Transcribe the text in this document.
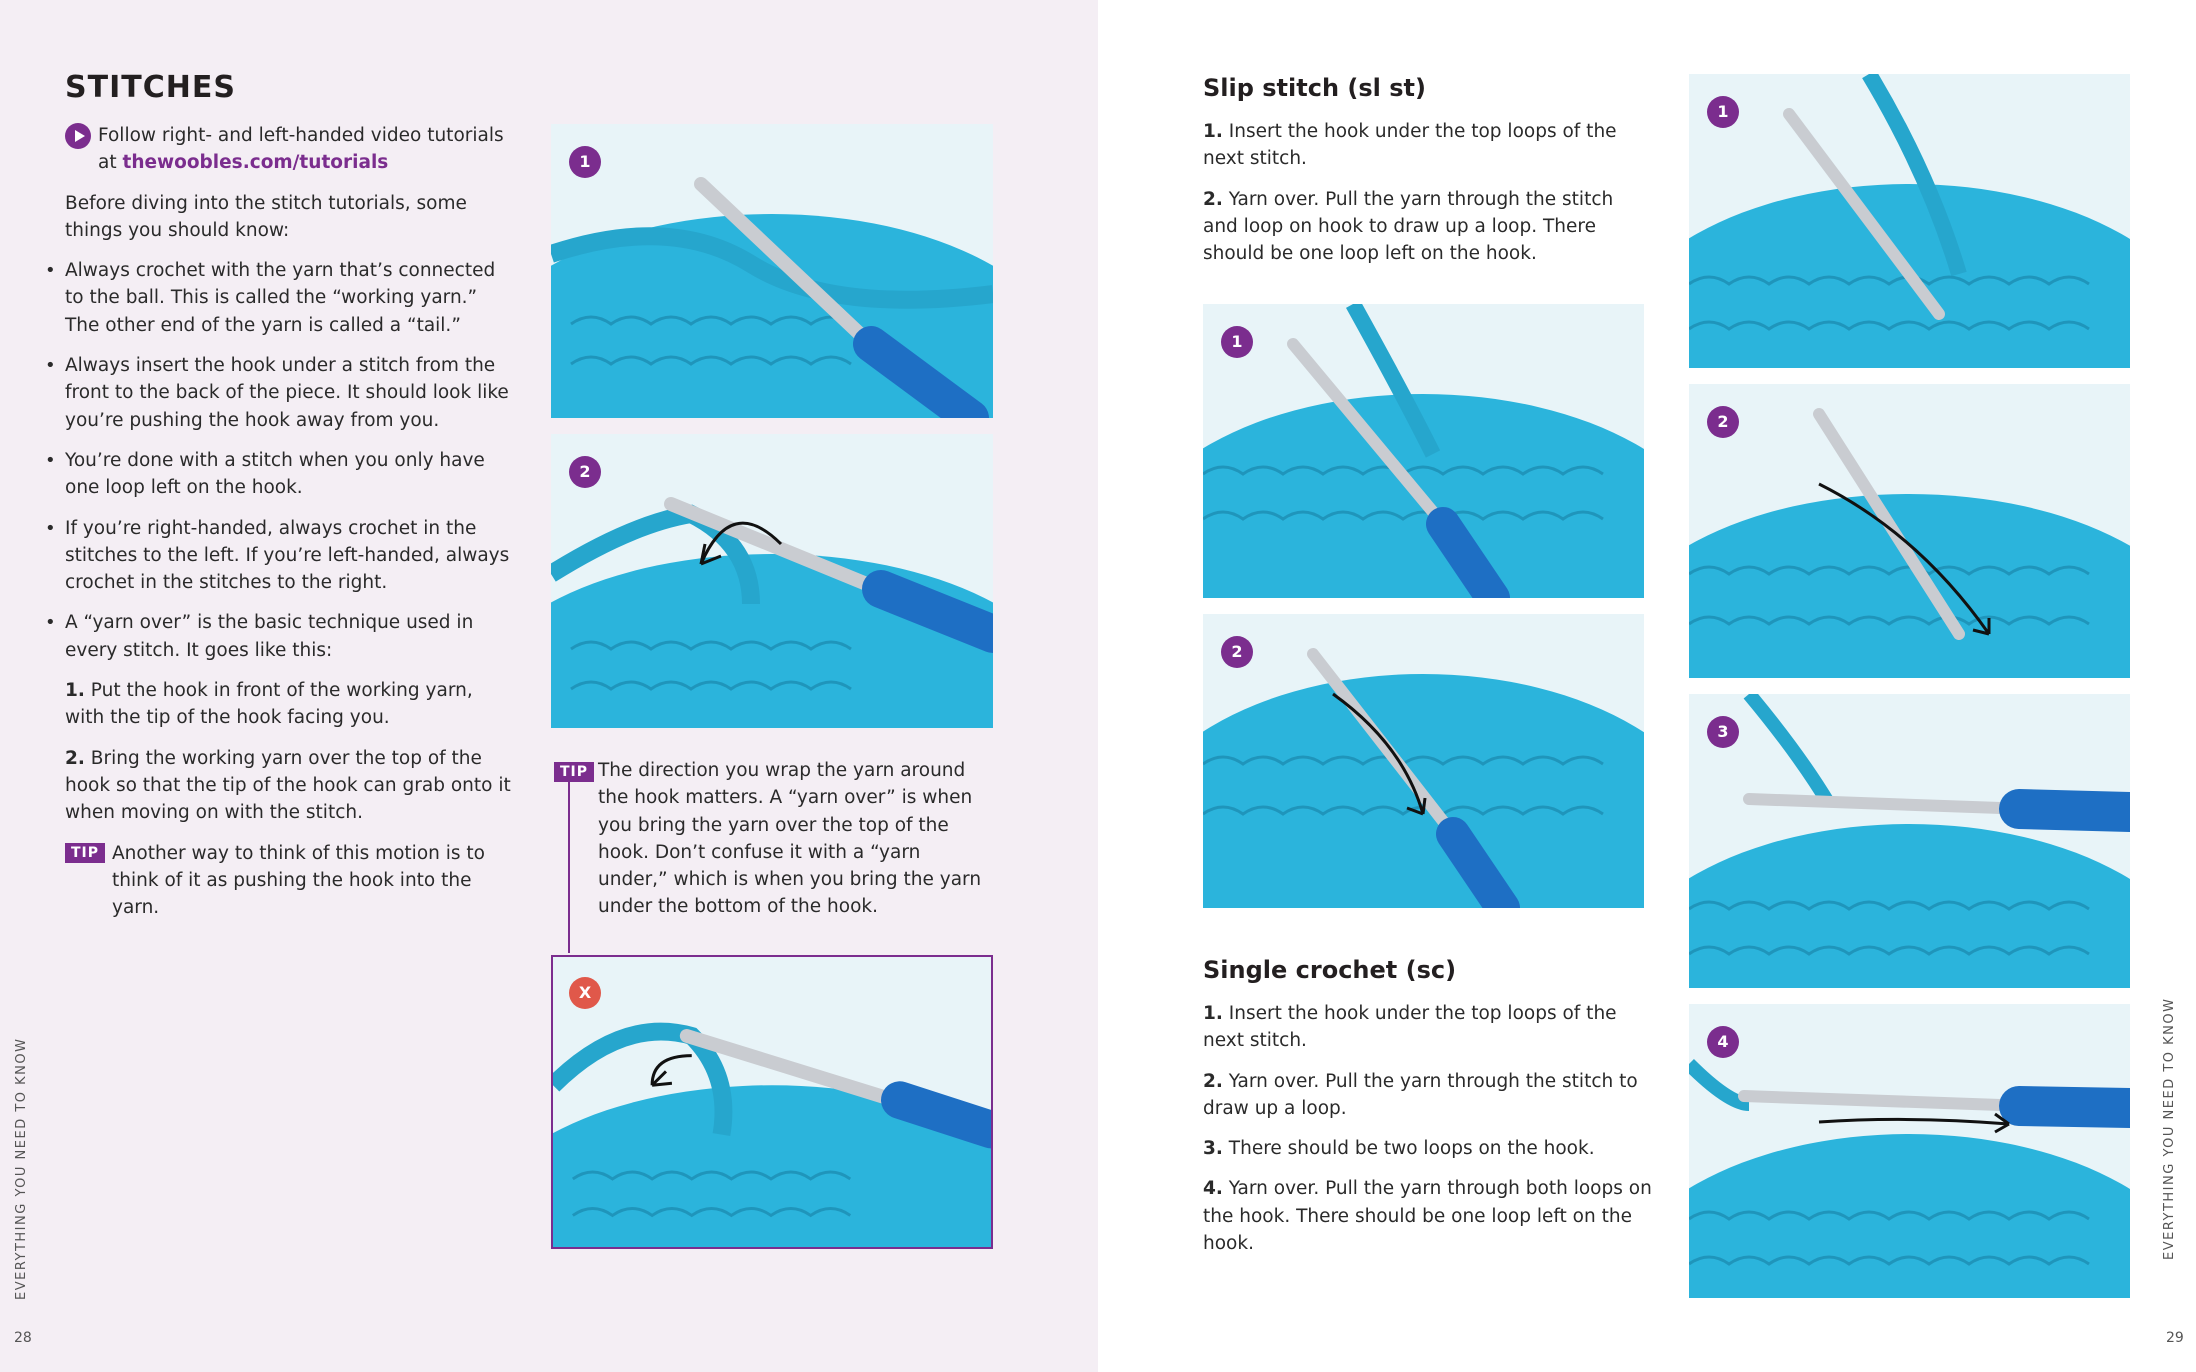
STITCHES
Follow right- and left-handed video tutorials
at thewoobles.com/tutorials

Before diving into the stitch tutorials, some things you should know:

• Always crochet with the yarn that’s connected to the ball. This is called the “working yarn.” The other end of the yarn is called a “tail.”
• Always insert the hook under a stitch from the front to the back of the piece. It should look like you’re pushing the hook away from you.
• You’re done with a stitch when you only have one loop left on the hook.
• If you’re right-handed, always crochet in the stitches to the left. If you’re left-handed, always crochet in the stitches to the right.
• A “yarn over” is the basic technique used in every stitch. It goes like this:

1. Put the hook in front of the working yarn, with the tip of the hook facing you.

2. Bring the working yarn over the top of the hook so that the tip of the hook can grab onto it when moving on with the stitch.

TIP Another way to think of this motion is to think of it as pushing the hook into the yarn.
1
2
TIP The direction you wrap the yarn around the hook matters. A “yarn over” is when you bring the yarn over the top of the hook. Don’t confuse it with a “yarn under,” which is when you bring the yarn under the bottom of the hook.
X
EVERYTHING YOU NEED TO KNOW
28
Slip stitch (sl st)

1. Insert the hook under the top loops of the next stitch.

2. Yarn over. Pull the yarn through the stitch and loop on hook to draw up a loop. There should be one loop left on the hook.

1
2
Single crochet (sc)

1. Insert the hook under the top loops of the next stitch.

2. Yarn over. Pull the yarn through the stitch to draw up a loop.

3. There should be two loops on the hook.

4. Yarn over. Pull the yarn through both loops on the hook. There should be one loop left on the hook.

1
2
3
4	EVERYTHING YOU NEED TO KNOW
29
